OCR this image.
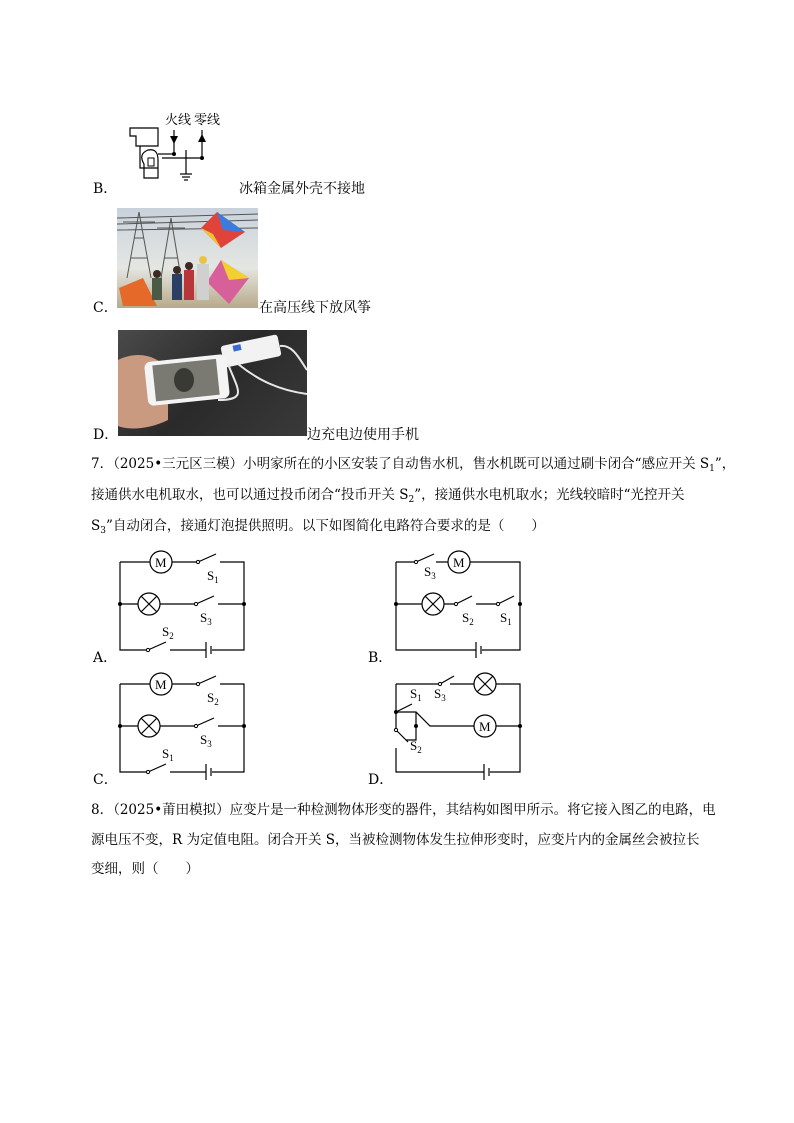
火线 零线
B．	冰箱金属外壳不接地
C．	在高压线下放风筝
D．	边充电边使用手机
7．（2025•三元区三模）小明家所在的小区安装了自动售水机，售水机既可以通过刷卡闭合“感应开关 $S_1$”，
接通供水电机取水，也可以通过投币闭合“投币开关 $S_2$”，接通供水电机取水；光线较暗时“光控开关
$S_3$”自动闭合，接通灯泡提供照明。以下如图简化电路符合要求的是（　　）
M
$S_1$
$S_3$
$S_2$
A．
M
$S_3$
$S_2$ $S_1$
B．
M
$S_2$
$S_3$
$S_1$
C．
M
$S_1$ $S_3$
$S_2$
D．
8．（2025•莆田模拟）应变片是一种检测物体形变的器件，其结构如图甲所示。将它接入图乙的电路，电
源电压不变，R 为定值电阻。闭合开关 S，当被检测物体发生拉伸形变时，应变片内的金属丝会被拉长
变细，则（　　）
